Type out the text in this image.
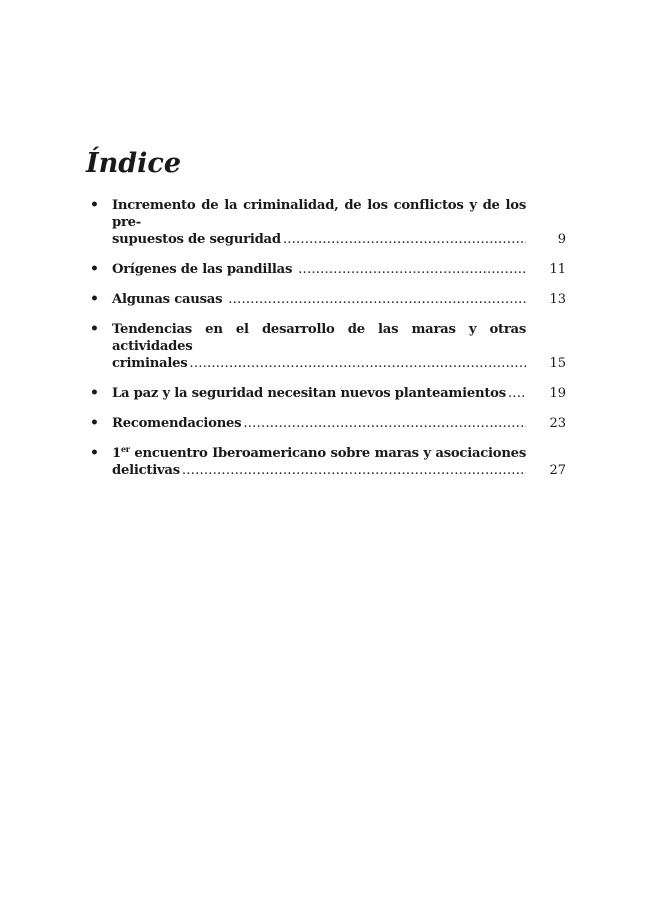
Índice
• Incremento de la criminalidad, de los conflictos y de los pre-
supuestos de seguridad .....	9
• Orígenes de las pandillas .....	11
• Algunas causas .....	13
• Tendencias en el desarrollo de las maras y otras actividades
criminales .....	15
• La paz y la seguridad necesitan nuevos planteamientos .....	19
• Recomendaciones .....	23
• 1er encuentro Iberoamericano sobre maras y asociaciones
delictivas .....	27
